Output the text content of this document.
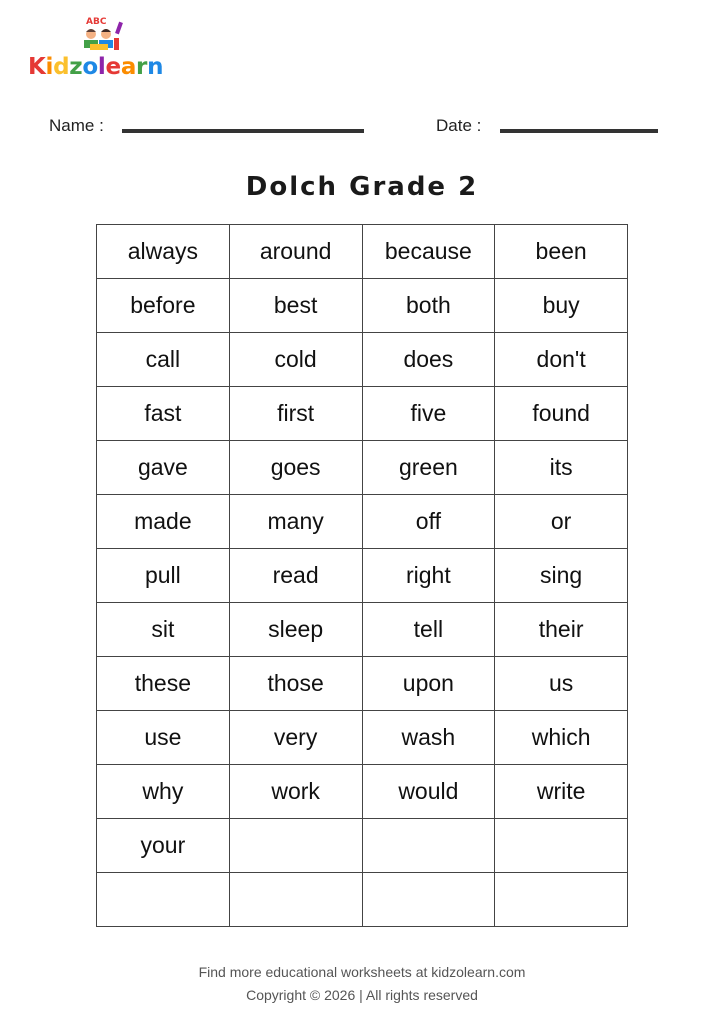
ABC
Kidzolearn
Name :	Date :
Dolch Grade 2
always	around	because	been
before	best	both	buy
call	cold	does	don't
fast	first	five	found
gave	goes	green	its
made	many	off	or
pull	read	right	sing
sit	sleep	tell	their
these	those	upon	us
use	very	wash	which
why	work	would	write
your			

Find more educational worksheets at kidzolearn.com
Copyright © 2026 | All rights reserved
